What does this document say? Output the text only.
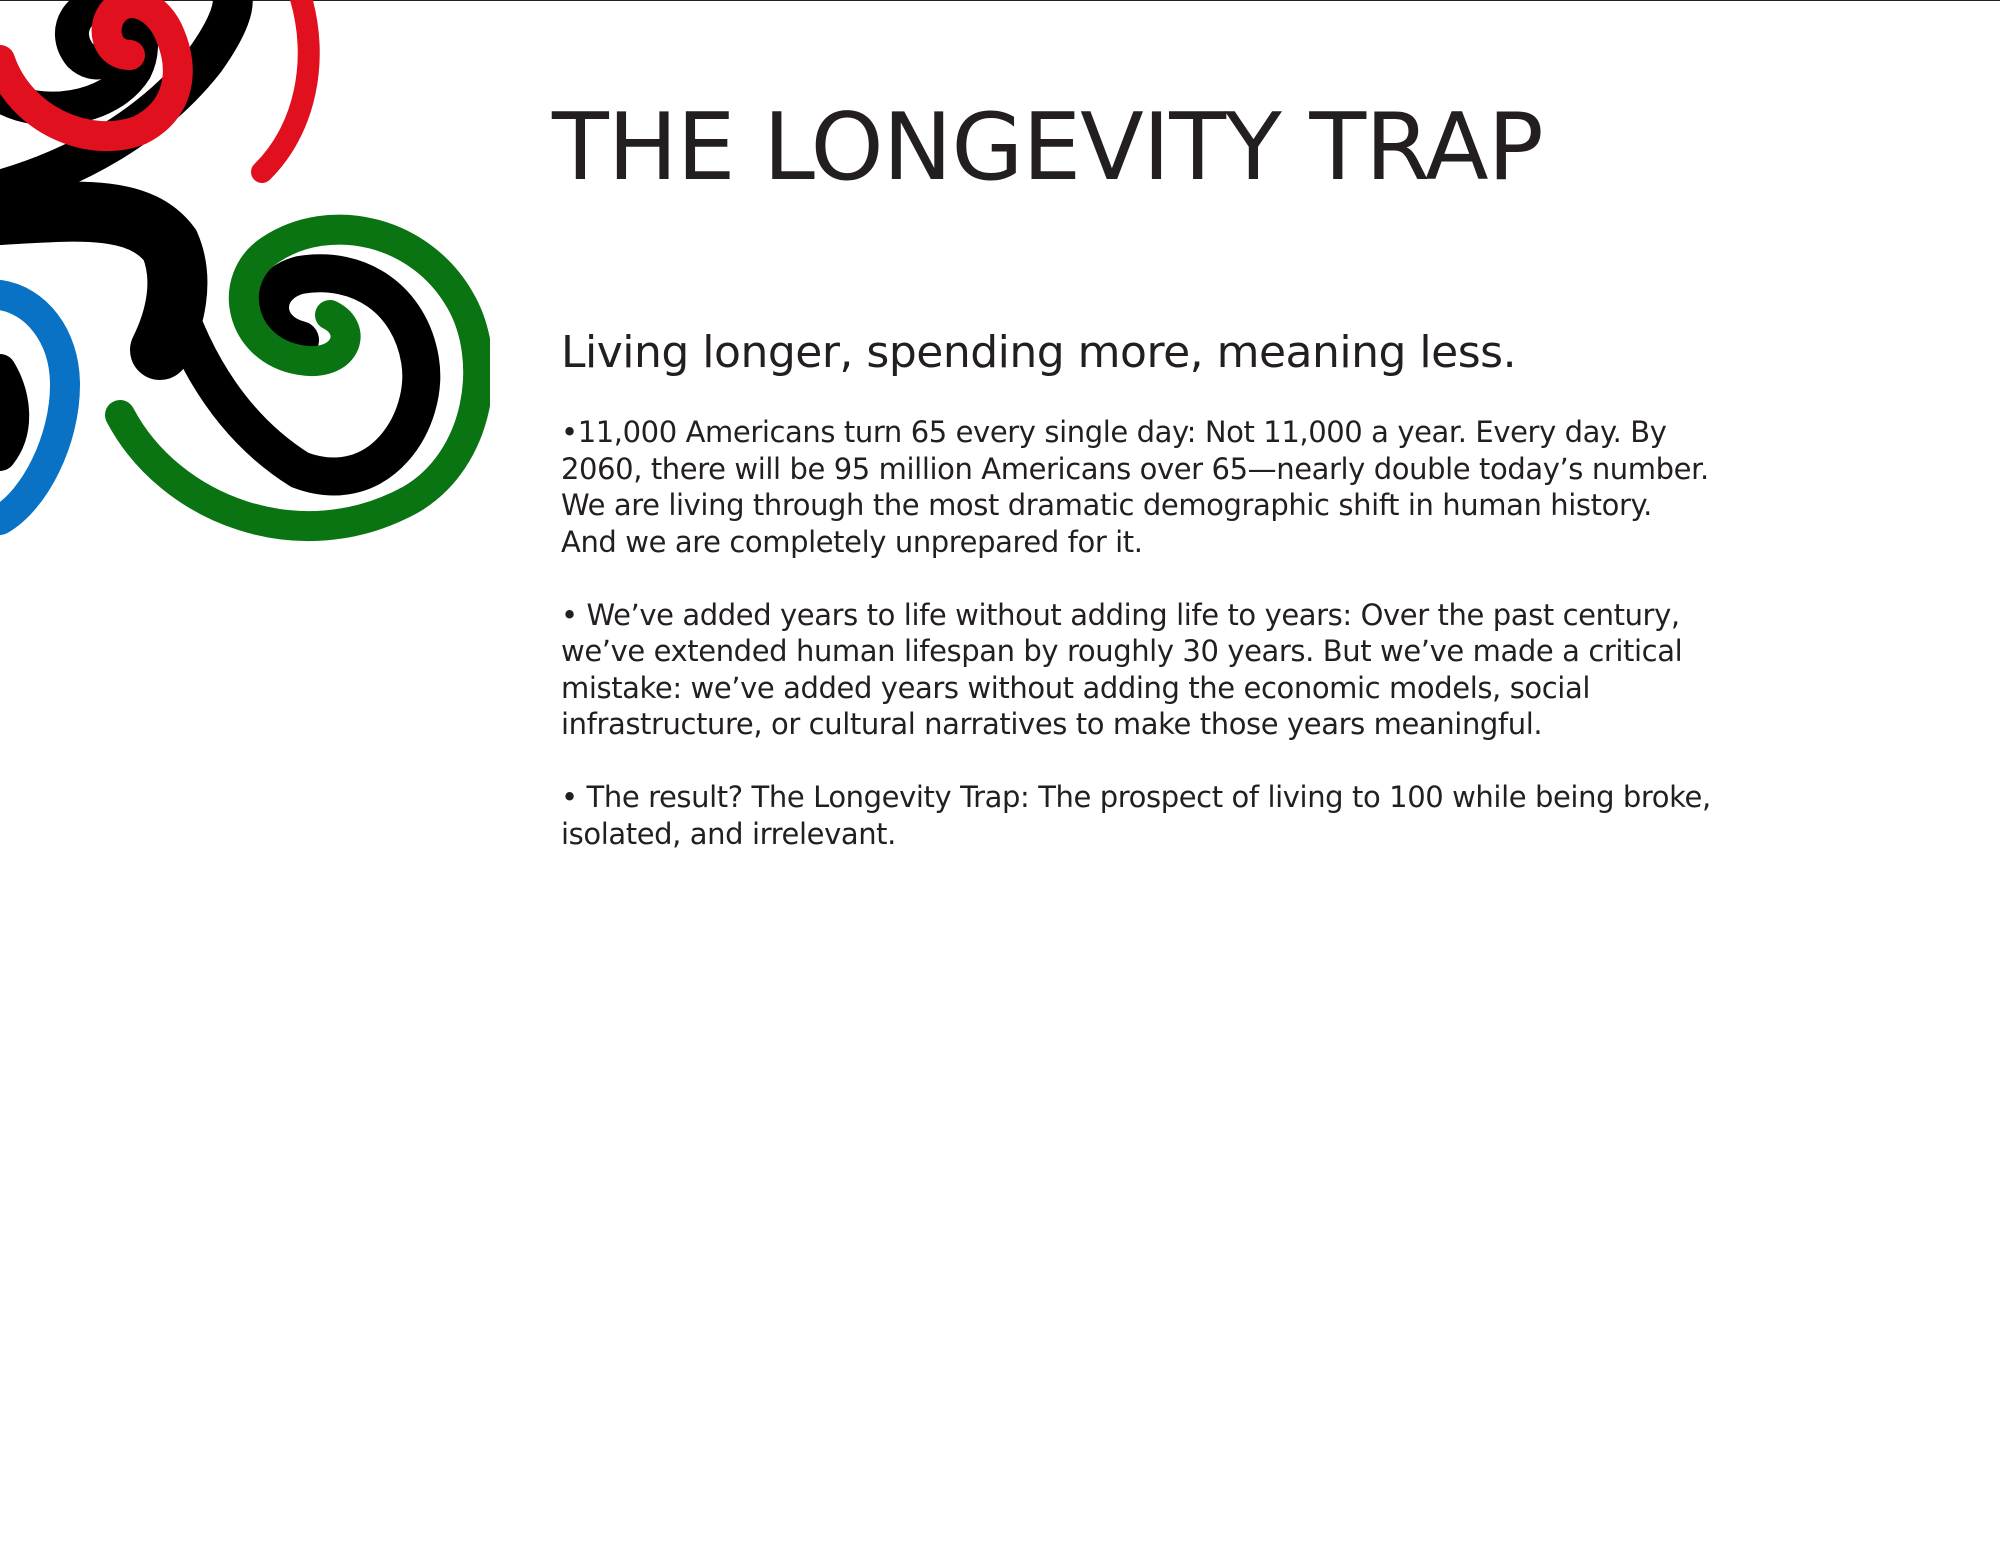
THE LONGEVITY TRAP
Living longer, spending more, meaning less.

•11,000 Americans turn 65 every single day: Not 11,000 a year. Every day. By
2060, there will be 95 million Americans over 65—nearly double today’s number.
We are living through the most dramatic demographic shift in human history.
And we are completely unprepared for it.

• We’ve added years to life without adding life to years: Over the past century,
we’ve extended human lifespan by roughly 30 years. But we’ve made a critical
mistake: we’ve added years without adding the economic models, social
infrastructure, or cultural narratives to make those years meaningful.

• The result? The Longevity Trap: The prospect of living to 100 while being broke,
isolated, and irrelevant.
